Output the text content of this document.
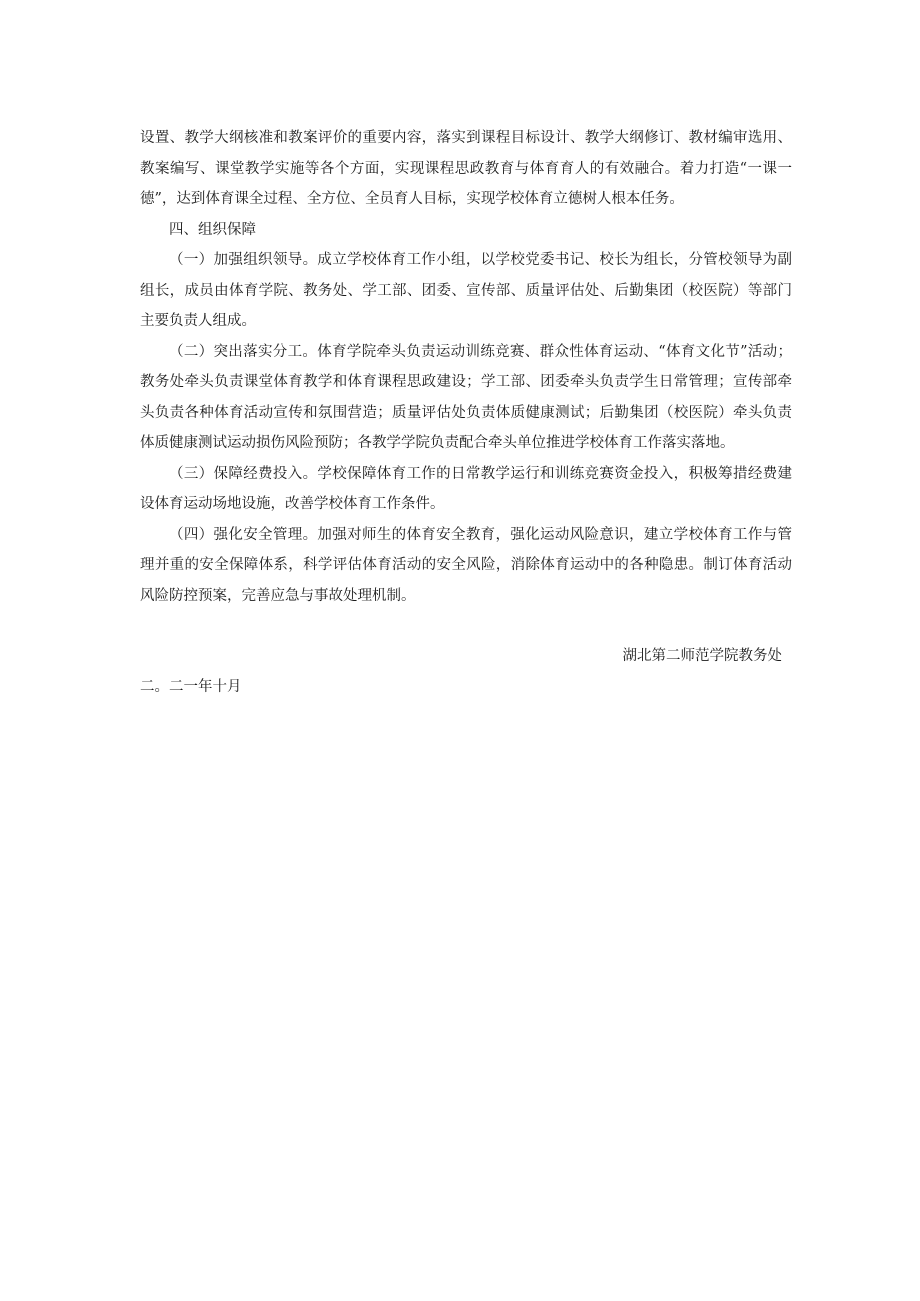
设置、教学大纲核准和教案评价的重要内容，落实到课程目标设计、教学大纲修订、教材编审选用、教案编写、课堂教学实施等各个方面，实现课程思政教育与体育育人的有效融合。着力打造“一课一德”，达到体育课全过程、全方位、全员育人目标，实现学校体育立德树人根本任务。

四、组织保障

（一）加强组织领导。成立学校体育工作小组，以学校党委书记、校长为组长，分管校领导为副组长，成员由体育学院、教务处、学工部、团委、宣传部、质量评估处、后勤集团（校医院）等部门主要负责人组成。

（二）突出落实分工。体育学院牵头负责运动训练竞赛、群众性体育运动、“体育文化节”活动；教务处牵头负责课堂体育教学和体育课程思政建设；学工部、团委牵头负责学生日常管理；宣传部牵头负责各种体育活动宣传和氛围营造；质量评估处负责体质健康测试；后勤集团（校医院）牵头负责体质健康测试运动损伤风险预防；各教学学院负责配合牵头单位推进学校体育工作落实落地。

（三）保障经费投入。学校保障体育工作的日常教学运行和训练竞赛资金投入，积极筹措经费建设体育运动场地设施，改善学校体育工作条件。

（四）强化安全管理。加强对师生的体育安全教育，强化运动风险意识，建立学校体育工作与管理并重的安全保障体系，科学评估体育活动的安全风险，消除体育运动中的各种隐患。制订体育活动风险防控预案，完善应急与事故处理机制。

湖北第二师范学院教务处

二。二一年十月
